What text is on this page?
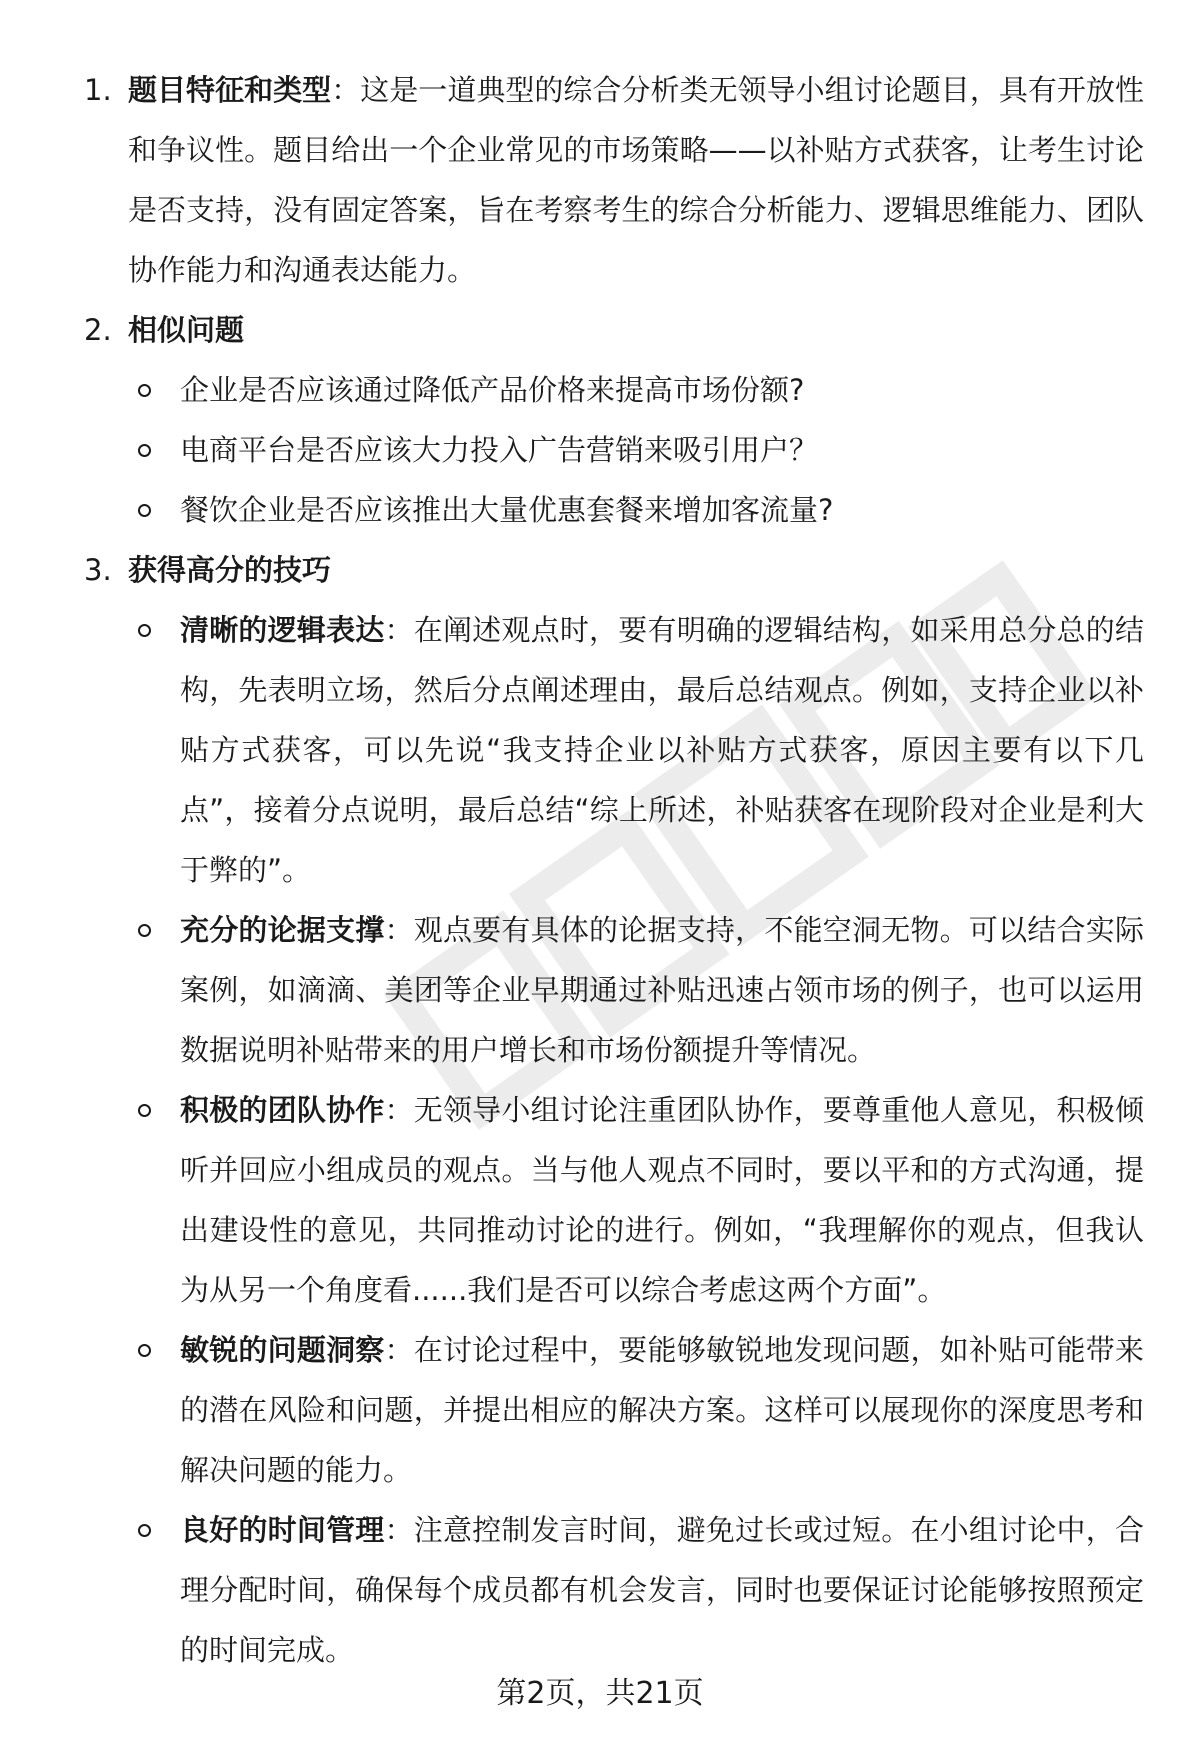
1. 题目特征和类型：这是一道典型的综合分析类无领导小组讨论题目，具有开放性和争议性。题目给出一个企业常见的市场策略——以补贴方式获客，让考生讨论是否支持，没有固定答案，旨在考察考生的综合分析能力、逻辑思维能力、团队协作能力和沟通表达能力。

2. 相似问题

企业是否应该通过降低产品价格来提高市场份额?

电商平台是否应该大力投入广告营销来吸引用户？

餐饮企业是否应该推出大量优惠套餐来增加客流量?

3. 获得高分的技巧

清晰的逻辑表达：在阐述观点时，要有明确的逻辑结构，如采用总分总的结构，先表明立场，然后分点阐述理由，最后总结观点。例如，支持企业以补贴方式获客，可以先说“我支持企业以补贴方式获客，原因主要有以下几点”，接着分点说明，最后总结“综上所述，补贴获客在现阶段对企业是利大于弊的”。

充分的论据支撑：观点要有具体的论据支持，不能空洞无物。可以结合实际案例，如滴滴、美团等企业早期通过补贴迅速占领市场的例子，也可以运用数据说明补贴带来的用户增长和市场份额提升等情况。

积极的团队协作：无领导小组讨论注重团队协作，要尊重他人意见，积极倾听并回应小组成员的观点。当与他人观点不同时，要以平和的方式沟通，提出建设性的意见，共同推动讨论的进行。例如，“我理解你的观点，但我认为从另一个角度看......我们是否可以综合考虑这两个方面”。

敏锐的问题洞察：在讨论过程中，要能够敏锐地发现问题，如补贴可能带来的潜在风险和问题，并提出相应的解决方案。这样可以展现你的深度思考和解决问题的能力。

良好的时间管理：注意控制发言时间，避免过长或过短。在小组讨论中，合理分配时间，确保每个成员都有机会发言，同时也要保证讨论能够按照预定的时间完成。

第2页，共21页
